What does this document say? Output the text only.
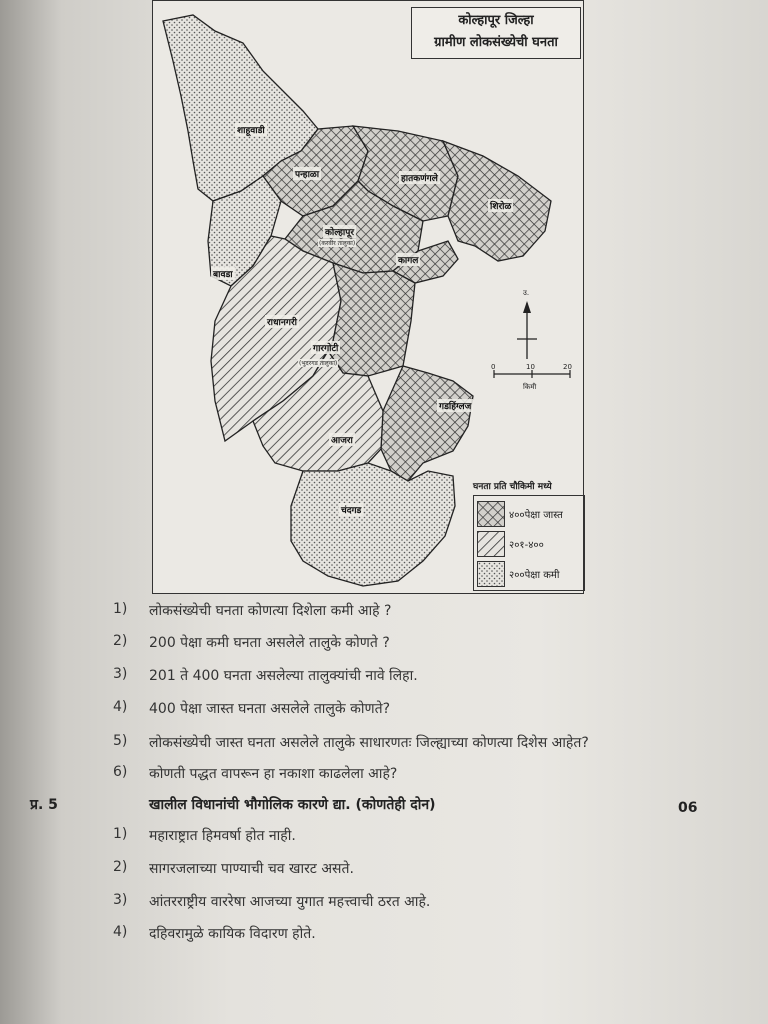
कोल्हापूर जिल्हा
ग्रामीण लोकसंख्येची घनता
उ.
0	10	20
किमी
शाहूवाडी
पन्हाळा	हातकणंगले
शिरोळ
कोल्हापूर
(करवीर तालुका)
कागल
बावडा
राधानगरी
गारगोटी
(भुदरगड तालुका)
गडहिंग्लज
आजरा
चंदगड
घनता प्रति चौकिमी मध्ये
४००पेक्षा जास्त
२०१-४००
२००पेक्षा कमी
1) लोकसंख्येची घनता कोणत्या दिशेला कमी आहे ?
2) 200 पेक्षा कमी घनता असलेले तालुके कोणते ?
3) 201 ते 400 घनता असलेल्या तालुक्यांची नावे लिहा.
4) 400 पेक्षा जास्त घनता असलेले तालुके कोणते?
5) लोकसंख्येची जास्त घनता असलेले तालुके साधारणतः जिल्ह्याच्या कोणत्या दिशेस आहेत?
6) कोणती पद्धत वापरून हा नकाशा काढलेला आहे?
प्र. 5	खालील विधानांची भौगोलिक कारणे द्या. (कोणतेही दोन)	06
1) महाराष्ट्रात हिमवर्षा होत नाही.
2) सागरजलाच्या पाण्याची चव खारट असते.
3) आंतरराष्ट्रीय वाररेषा आजच्या युगात महत्त्वाची ठरत आहे.
4) दहिवरामुळे कायिक विदारण होते.
